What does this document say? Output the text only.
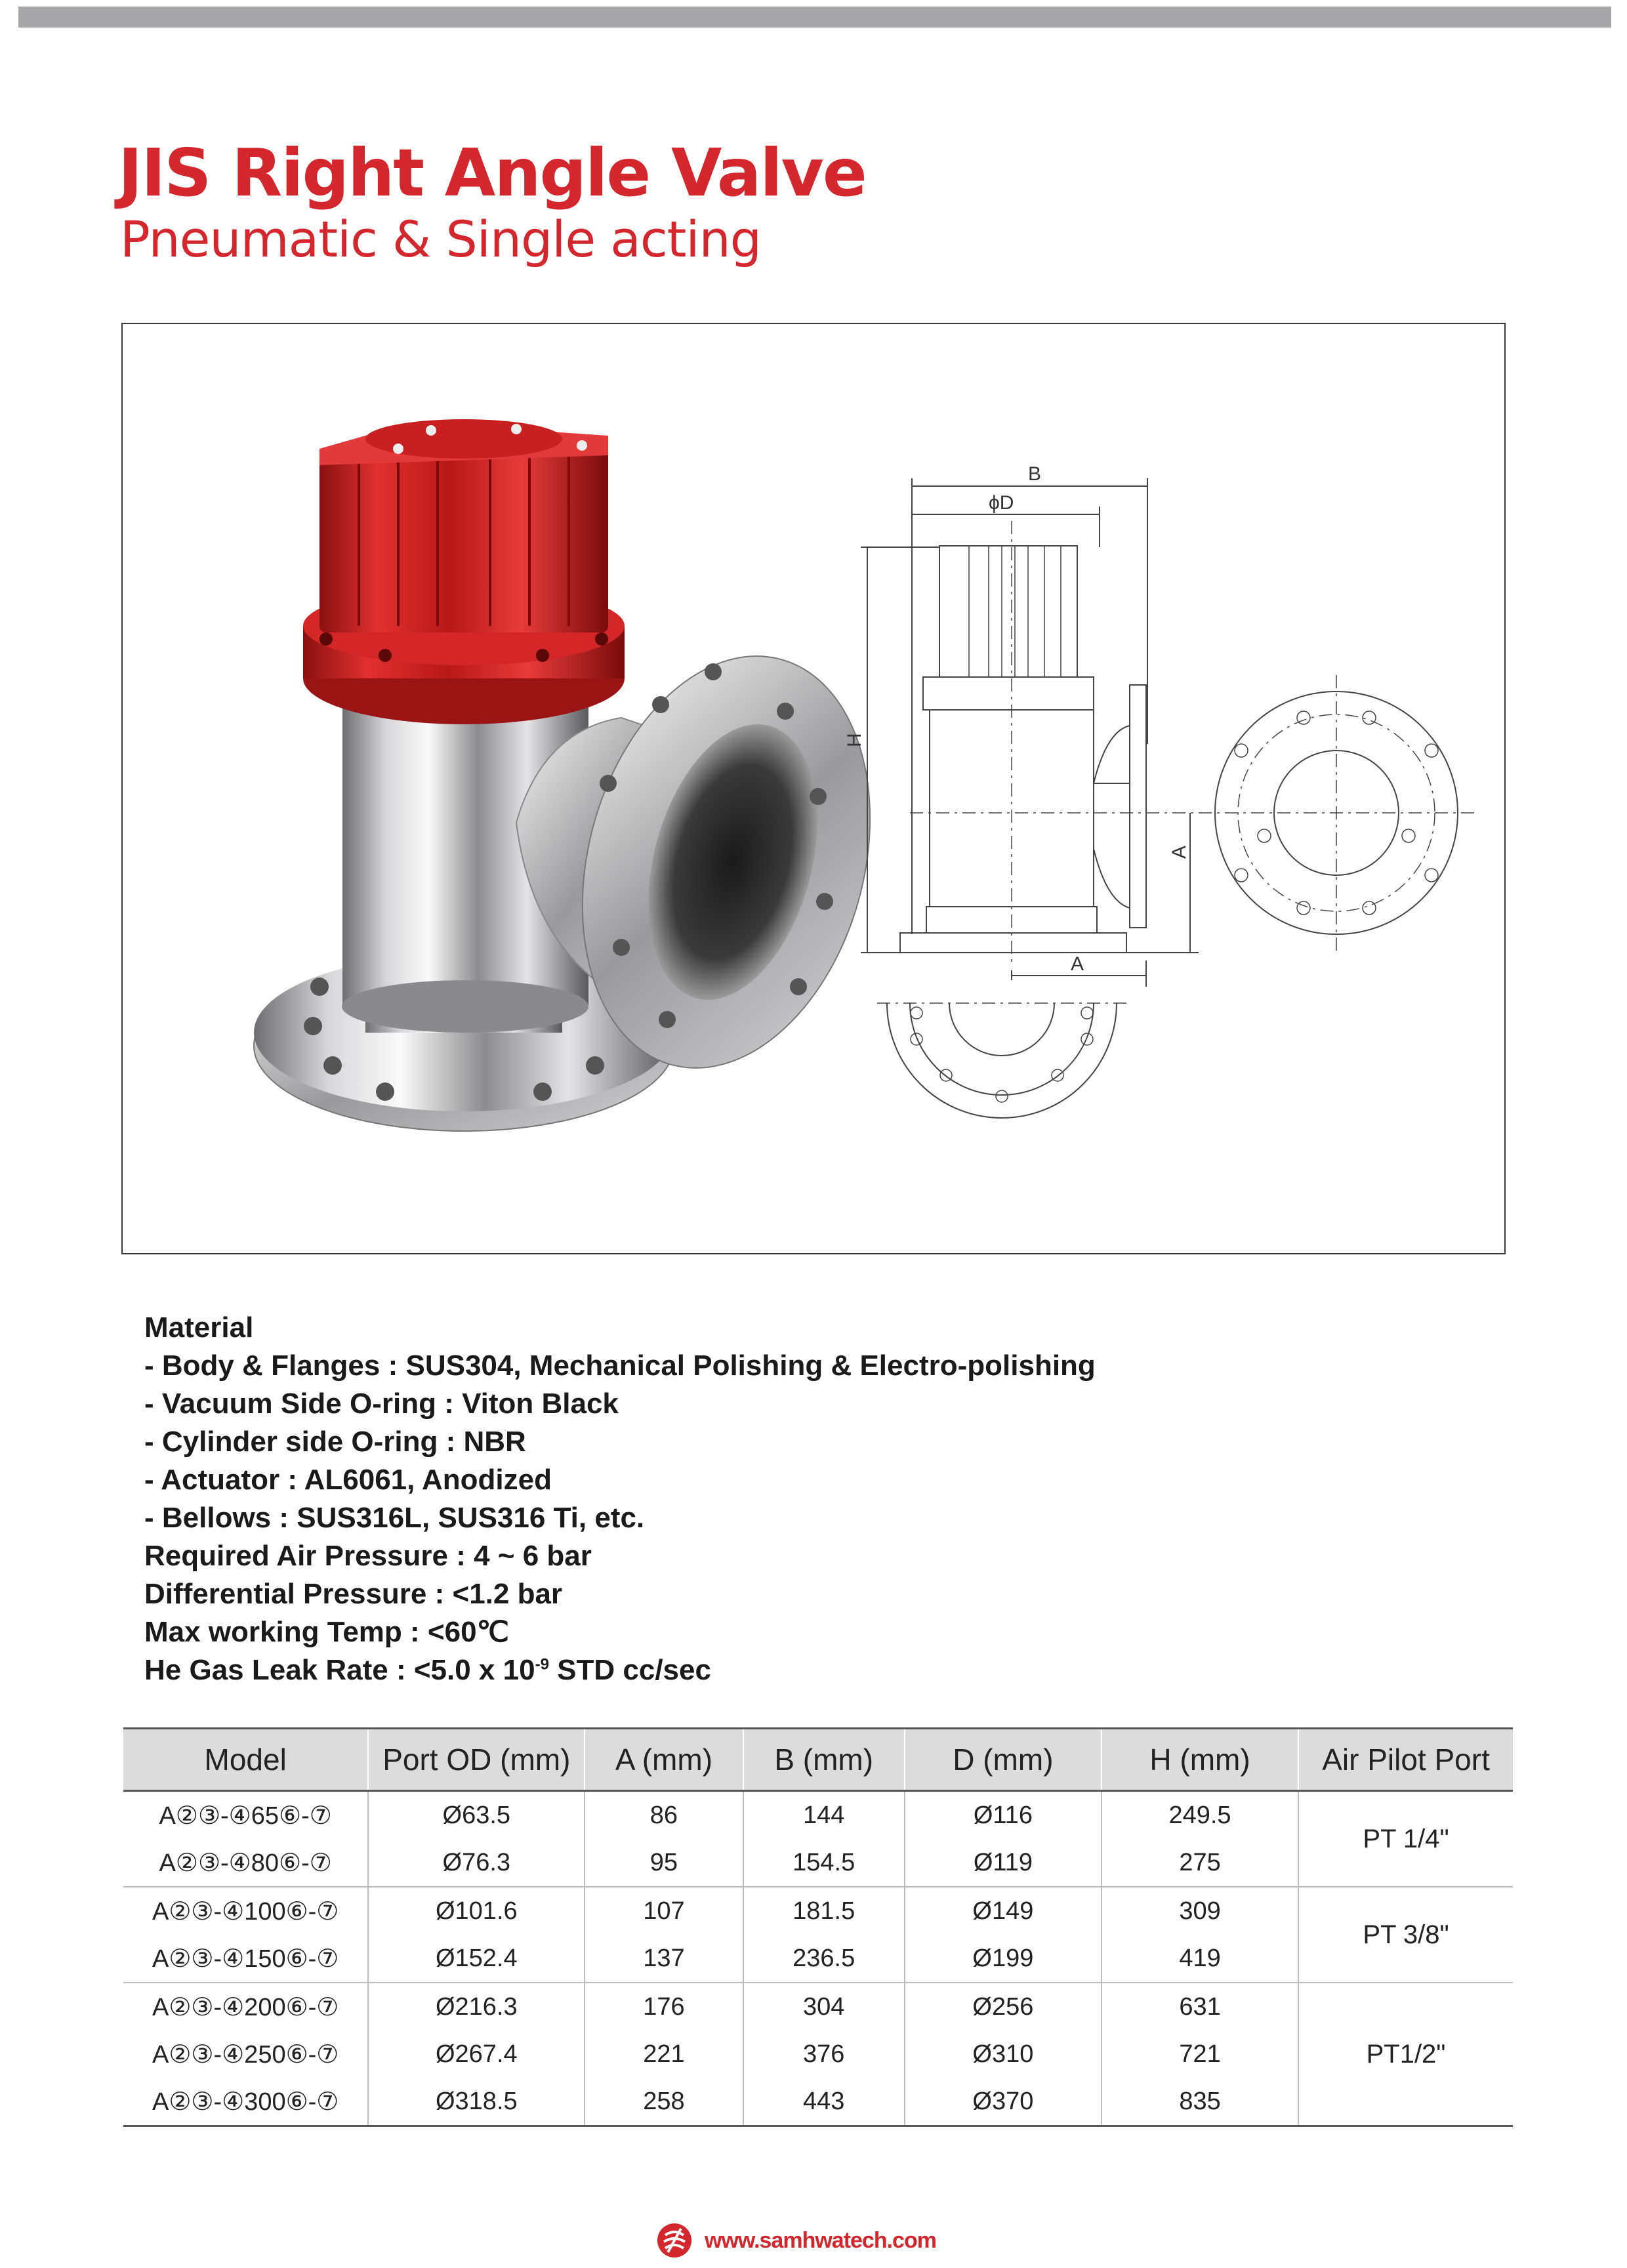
JIS Right Angle Valve
Pneumatic & Single acting
B
ϕD
H
A
A
Material
- Body & Flanges : SUS304, Mechanical Polishing & Electro-polishing
- Vacuum Side O-ring : Viton Black
- Cylinder side O-ring : NBR
- Actuator : AL6061, Anodized
- Bellows : SUS316L, SUS316 Ti, etc.
Required Air Pressure : 4 ~ 6 bar
Differential Pressure : <1.2 bar
Max working Temp : <60℃
He Gas Leak Rate : <5.0 x $10^{-9}$ STD cc/sec
Model	Port OD (mm)	A (mm)	B (mm)	D (mm)	H (mm)	Air Pilot Port
A②③-④65⑥-⑦	Ø63.5	86	144	Ø116	249.5	PT 1/4"
A②③-④80⑥-⑦	Ø76.3	95	154.5	Ø119	275	
A②③-④100⑥-⑦	Ø101.6	107	181.5	Ø149	309	PT 3/8"
A②③-④150⑥-⑦	Ø152.4	137	236.5	Ø199	419	
A②③-④200⑥-⑦	Ø216.3	176	304	Ø256	631	PT1/2"
A②③-④250⑥-⑦	Ø267.4	221	376	Ø310	721	
A②③-④300⑥-⑦	Ø318.5	258	443	Ø370	835	
www.samhwatech.com
